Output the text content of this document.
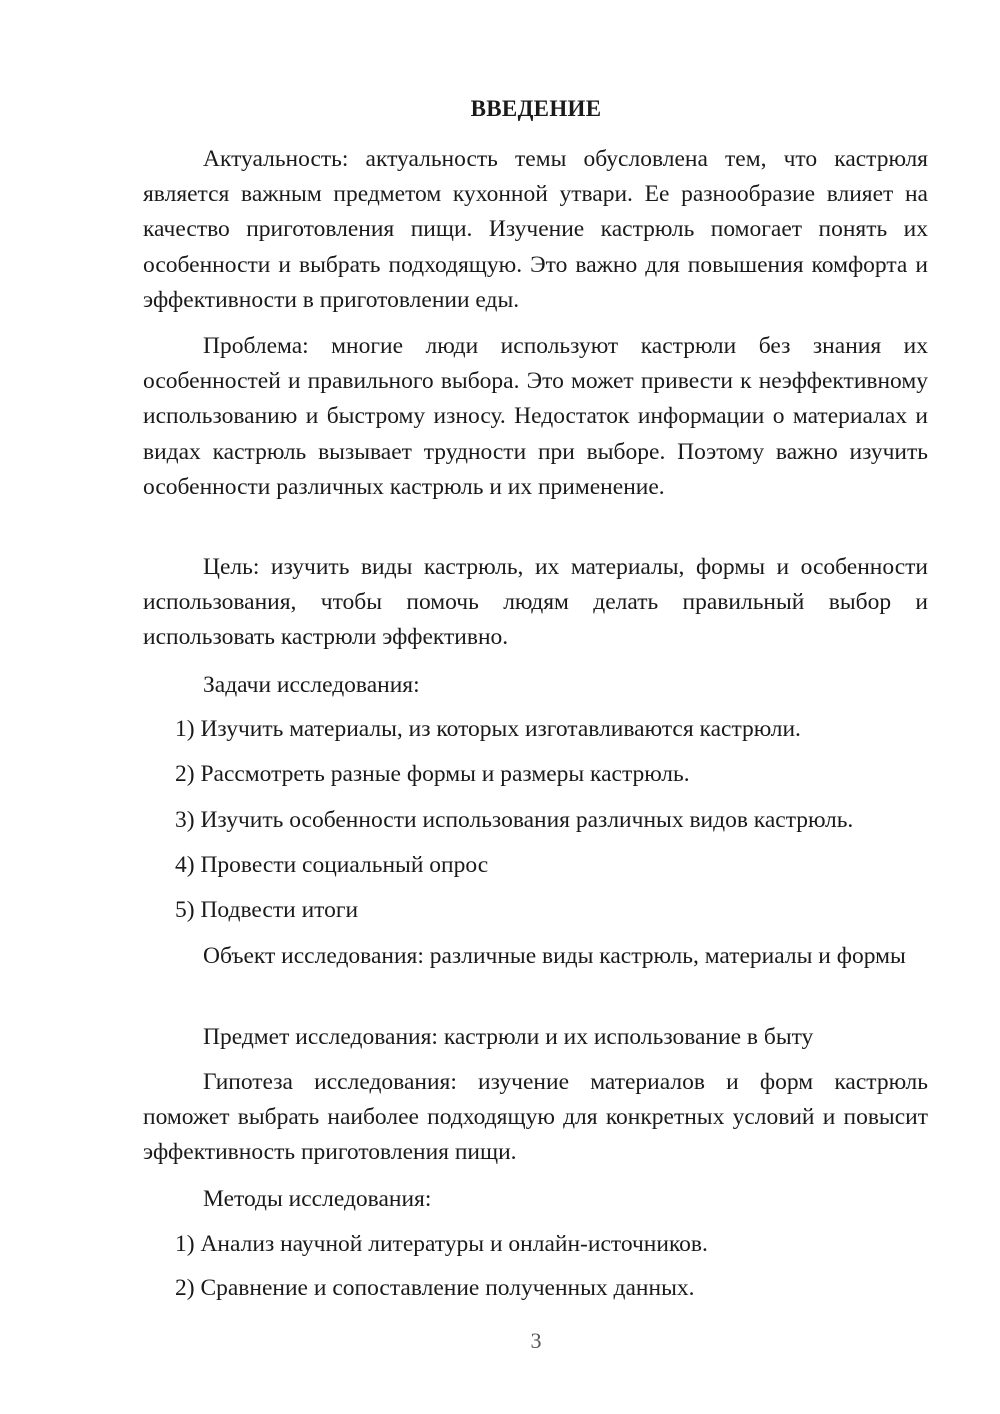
ВВЕДЕНИЕ

Актуальность: актуальность темы обусловлена тем, что кастрюля является важным предметом кухонной утвари. Ее разнообразие влияет на качество приготовления пищи. Изучение кастрюль помогает понять их особенности и выбрать подходящую. Это важно для повышения комфорта и эффективности в приготовлении еды.

Проблема: многие люди используют кастрюли без знания их особенностей и правильного выбора. Это может привести к неэффективному использованию и быстрому износу. Недостаток информации о материалах и видах кастрюль вызывает трудности при выборе. Поэтому важно изучить особенности различных кастрюль и их применение.

Цель: изучить виды кастрюль, их материалы, формы и особенности использования, чтобы помочь людям делать правильный выбор и использовать кастрюли эффективно.

Задачи исследования:

1) Изучить материалы, из которых изготавливаются кастрюли.

2) Рассмотреть разные формы и размеры кастрюль.

3) Изучить особенности использования различных видов кастрюль.

4) Провести социальный опрос

5) Подвести итоги

Объект исследования: различные виды кастрюль, материалы и формы

Предмет исследования: кастрюли и их использование в быту

Гипотеза исследования: изучение материалов и форм кастрюль поможет выбрать наиболее подходящую для конкретных условий и повысит эффективность приготовления пищи.

Методы исследования:

1) Анализ научной литературы и онлайн-источников.

2) Сравнение и сопоставление полученных данных.

3
